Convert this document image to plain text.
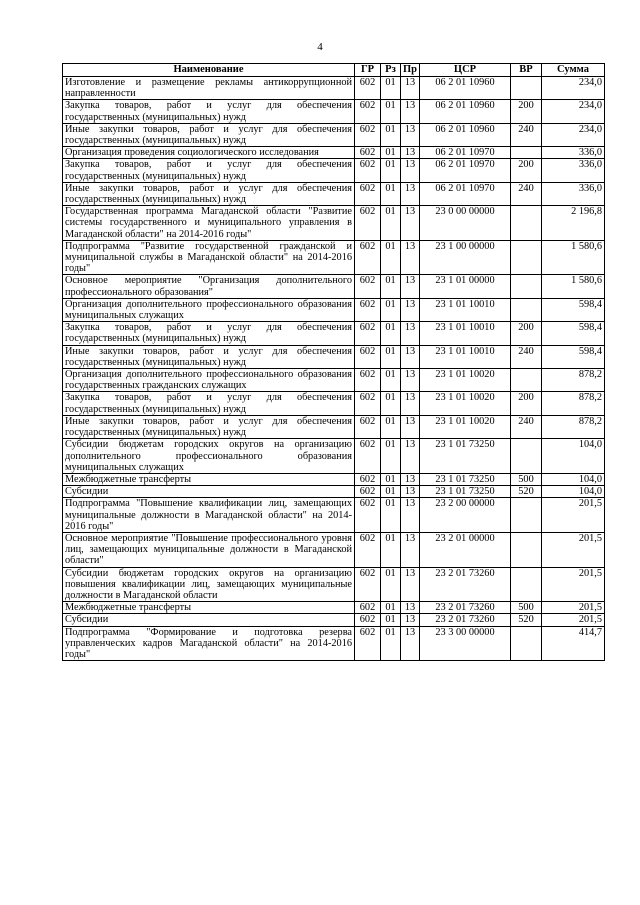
4
Наименование	ГР	Рз	Пр	ЦСР	ВР	Сумма
Изготовление и размещение рекламы антикоррупционной направленности	602	01	13	06 2 01 10960		234,0
Закупка товаров, работ и услуг для обеспечения государственных (муниципальных) нужд	602	01	13	06 2 01 10960	200	234,0
Иные закупки товаров, работ и услуг для обеспечения государственных (муниципальных) нужд	602	01	13	06 2 01 10960	240	234,0
Организация проведения социологического исследования	602	01	13	06 2 01 10970		336,0
Закупка товаров, работ и услуг для обеспечения государственных (муниципальных) нужд	602	01	13	06 2 01 10970	200	336,0
Иные закупки товаров, работ и услуг для обеспечения государственных (муниципальных) нужд	602	01	13	06 2 01 10970	240	336,0
Государственная программа Магаданской области "Развитие системы государственного и муниципального управления в Магаданской области" на 2014-2016 годы"	602	01	13	23 0 00 00000		2 196,8
Подпрограмма "Развитие государственной гражданской и муниципальной службы в Магаданской области" на 2014-2016 годы"	602	01	13	23 1 00 00000		1 580,6
Основное мероприятие "Организация дополнительного профессионального образования"	602	01	13	23 1 01 00000		1 580,6
Организация дополнительного профессионального образования муниципальных служащих	602	01	13	23 1 01 10010		598,4
Закупка товаров, работ и услуг для обеспечения государственных (муниципальных) нужд	602	01	13	23 1 01 10010	200	598,4
Иные закупки товаров, работ и услуг для обеспечения государственных (муниципальных) нужд	602	01	13	23 1 01 10010	240	598,4
Организация дополнительного профессионального образования государственных гражданских служащих	602	01	13	23 1 01 10020		878,2
Закупка товаров, работ и услуг для обеспечения государственных (муниципальных) нужд	602	01	13	23 1 01 10020	200	878,2
Иные закупки товаров, работ и услуг для обеспечения государственных (муниципальных) нужд	602	01	13	23 1 01 10020	240	878,2
Субсидии бюджетам городских округов на организацию дополнительного профессионального образования муниципальных служащих	602	01	13	23 1 01 73250		104,0
Межбюджетные трансферты	602	01	13	23 1 01 73250	500	104,0
Субсидии	602	01	13	23 1 01 73250	520	104,0
Подпрограмма "Повышение квалификации лиц, замещающих муниципальные должности в Магаданской области" на 2014-2016 годы"	602	01	13	23 2 00 00000		201,5
Основное мероприятие "Повышение профессионального уровня лиц, замещающих муниципальные должности в Магаданской области"	602	01	13	23 2 01 00000		201,5
Субсидии бюджетам городских округов на организацию повышения квалификации лиц, замещающих муниципальные должности в Магаданской области	602	01	13	23 2 01 73260		201,5
Межбюджетные трансферты	602	01	13	23 2 01 73260	500	201,5
Субсидии	602	01	13	23 2 01 73260	520	201,5
Подпрограмма "Формирование и подготовка резерва управленческих кадров Магаданской области" на 2014-2016 годы"	602	01	13	23 3 00 00000		414,7
